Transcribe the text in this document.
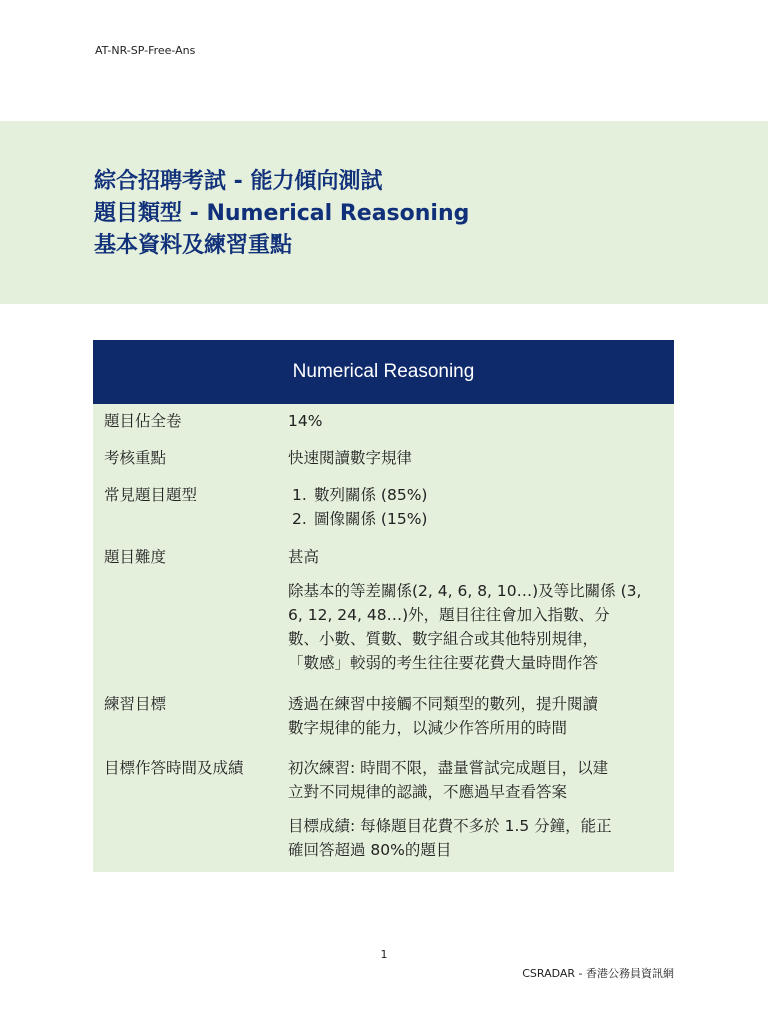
AT-NR-SP-Free-Ans
綜合招聘考試 - 能力傾向測試
題目類型 - Numerical Reasoning
基本資料及練習重點
Numerical Reasoning
題目佔全卷	14%
考核重點	快速閱讀數字規律
常見題目題型	1. 數列關係 (85%)
2. 圖像關係 (15%)
題目難度	甚高
除基本的等差關係(2, 4, 6, 8, 10…)及等比關係 (3,
6, 12, 24, 48…)外，題目往往會加入指數、分
數、小數、質數、數字組合或其他特別規律，
「數感」較弱的考生往往要花費大量時間作答
練習目標	透過在練習中接觸不同類型的數列，提升閱讀
數字規律的能力，以減少作答所用的時間
目標作答時間及成績	初次練習: 時間不限，盡量嘗試完成題目，以建
立對不同規律的認識，不應過早查看答案
目標成績: 每條題目花費不多於 1.5 分鐘，能正
確回答超過 80%的題目
1
CSRADAR - 香港公務員資訊網
